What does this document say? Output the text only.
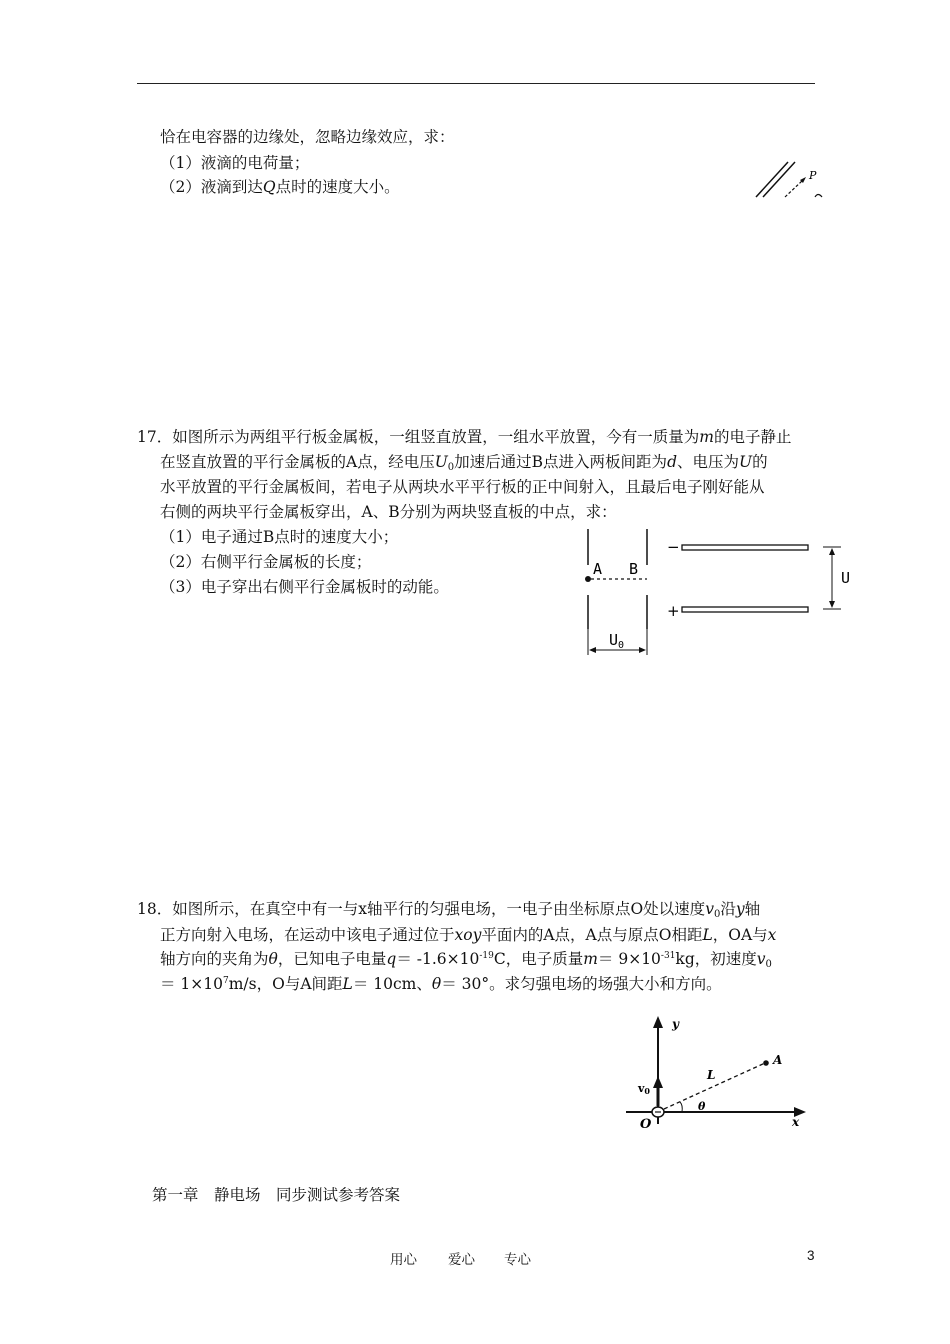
恰在电容器的边缘处，忽略边缘效应，求：
（1）液滴的电荷量；
（2）液滴到达Q点时的速度大小。
P
17．如图所示为两组平行板金属板，一组竖直放置，一组水平放置，今有一质量为m的电子静止
在竖直放置的平行金属板的A点，经电压$U_0$加速后通过B点进入两板间距为d、电压为U的
水平放置的平行金属板间，若电子从两块水平平行板的正中间射入，且最后电子刚好能从
右侧的两块平行金属板穿出，A、B分别为两块竖直板的中点，求：
（1）电子通过B点时的速度大小；
（2）右侧平行金属板的长度；
（3）电子穿出右侧平行金属板时的动能。
A B
$U_0$
−
+
U
18．如图所示，在真空中有一与x轴平行的匀强电场，一电子由坐标原点O处以速度$v_0$沿y轴
正方向射入电场，在运动中该电子通过位于xoy平面内的A点，A点与原点O相距L，OA与x
轴方向的夹角为θ，已知电子电量$q= -1.6\times 10^{-19}C$，电子质量$m= 9\times 10^{-31}kg$，初速度$v_0$
＝ $1\times 10^7m/s$，O与A间距L＝ 10cm、θ＝ 30°。求匀强电场的场强大小和方向。
y
x
v0
O
A
L
θ
第一章　静电场　同步测试参考答案
用心 爱心 专心	3
